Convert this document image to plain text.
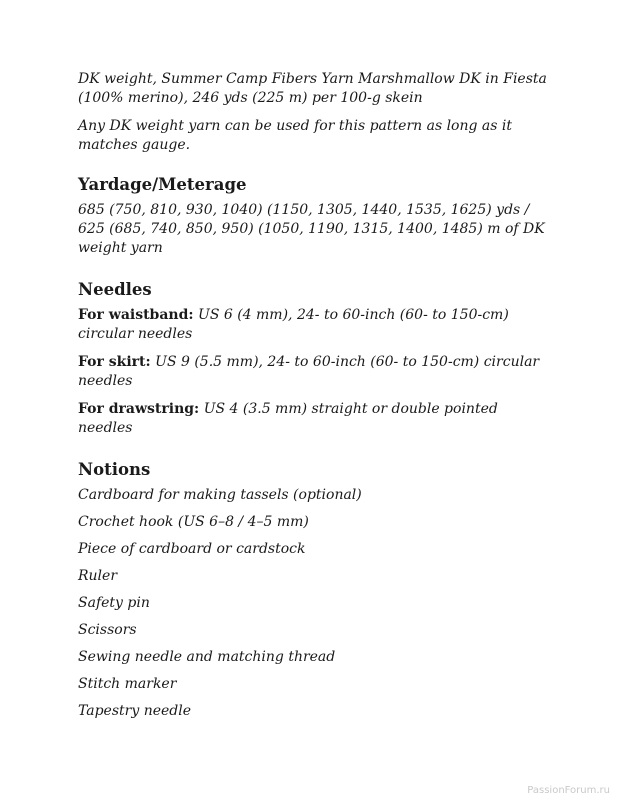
DK weight, Summer Camp Fibers Yarn Marshmallow DK in Fiesta (100% merino), 246 yds (225 m) per 100-g skein

Any DK weight yarn can be used for this pattern as long as it matches gauge.

Yardage/Meterage

685 (750, 810, 930, 1040) (1150, 1305, 1440, 1535, 1625) yds / 625 (685, 740, 850, 950) (1050, 1190, 1315, 1400, 1485) m of DK weight yarn

Needles

For waistband: US 6 (4 mm), 24- to 60-inch (60- to 150-cm) circular needles

For skirt: US 9 (5.5 mm), 24- to 60-inch (60- to 150-cm) circular needles

For drawstring: US 4 (3.5 mm) straight or double pointed needles

Notions

Cardboard for making tassels (optional)

Crochet hook (US 6–8 / 4–5 mm)

Piece of cardboard or cardstock

Ruler

Safety pin

Scissors

Sewing needle and matching thread

Stitch marker

Tapestry needle

PassionForum.ru
